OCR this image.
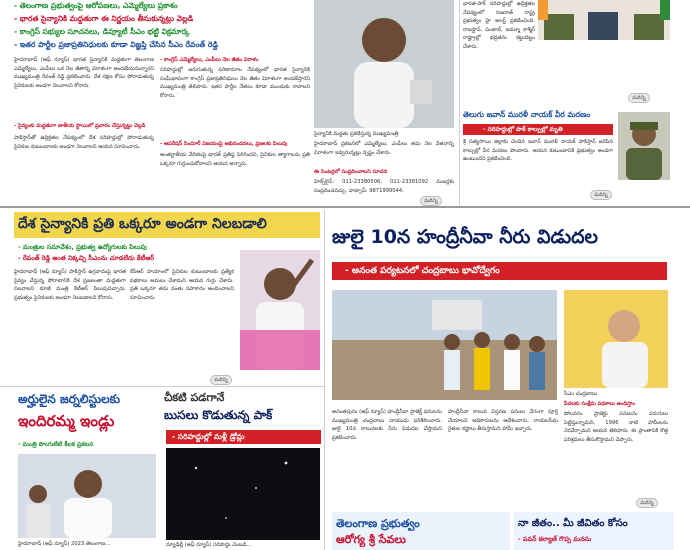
- తెలంగాణ ప్రభుత్వంపై ఆరోపణలు, ఎమ్మెల్యేలు ప్రకాశం
- భారత సైన్యానికి మద్దతుగా ఈ నిర్ణయం తీసుకున్నట్లు వెల్లడి
- కాంగ్రెస్ సభ్యుల సూచనలు, డిప్యూటీ సీఎం భట్టి విక్రమార్క
- ఇతర పార్టీల ప్రజాప్రతినిధులకు కూడా విజ్ఞప్తి చేసిన సీఎం రేవంత్ రెడ్డి
హైదరాబాద్ (ఆఫ్ న్యూస్) భారత సైన్యానికి మద్దతుగా తెలంగాణ ఎమ్మెల్యేలు, ఎంపీలు ఒక నెల జీతాన్ని విరాళంగా అందజేయనున్నారని ముఖ్యమంత్రి రేవంత్ రెడ్డి ప్రకటించారు. దేశ రక్షణ కోసం పోరాడుతున్న సైనికులకు అండగా నిలవాలని కోరారు.
- సైన్యంకు మద్దతుగా జాతీయ స్థాయిలో ప్రచారం చేస్తున్నట్టు వెల్లడి
పాకిస్తాన్‌తో ఉద్రిక్తతల నేపథ్యంలో దేశ సరిహద్దుల్లో పోరాడుతున్న సైనికుల కుటుంబాలకు అండగా నిలవాలని ఆయన సూచించారు.
- కాంగ్రెస్ ఎమ్మెల్యేలు, ఎంపీలు నెల జీతం విరాళం
సరిహద్దుల్లో జరుగుతున్న పరిణామాల నేపథ్యంలో భారత సైన్యానికి సంఘీభావంగా కాంగ్రెస్ ప్రజాప్రతినిధులు నెల జీతం విరాళంగా అందజేస్తారని ముఖ్యమంత్రి తెలిపారు. ఇతర పార్టీల నేతలు కూడా ముందుకు రావాలని కోరారు.
- ఆపరేషన్ సిందూర్ విజయంపై అభినందనలు, ప్రజలకు పిలుపు
అంతర్జాతీయ వేదికలపై భారత్ ప్రతిష్ఠ పెరిగిందని, సైనికుల త్యాగాలను ప్రతి ఒక్కరూ గుర్తుంచుకోవాలని ఆయన అన్నారు.
సైన్యానికి మద్దతు ప్రకటిస్తున్న ముఖ్యమంత్రి
హైదరాబాద్ ప్రకటనలో ఎమ్మెల్యేలు, ఎంపీలు తమ నెల వేతనాన్ని విరాళంగా ఇవ్వనున్నట్లు స్పష్టం చేశారు.
ఈ సెంటర్లలో సంప్రదించాలని సూచన
హెల్ప్‌లైన్: 011-23380506, 011-23381092 నంబర్లకు సంప్రదించవచ్చు. వాట్సాప్: 9871999044.
మరిన్ని
భారత-పాక్ సరిహద్దుల్లో ఉద్రిక్తతల నేపథ్యంలో గుజరాత్ రాష్ట్ర ప్రభుత్వం హై అలర్ట్ ప్రకటించింది. రాజస్థాన్, పంజాబ్, జమ్మూ కాశ్మీర్ రాష్ట్రాల్లో భద్రతను కట్టుదిట్టం చేశారు.
మరిన్ని
తెలుగు జవాన్ మురళీ నాయక్ వీర మరణం
- సరిహద్దుల్లో పాక్ కాల్పుల్లో మృతి
శ్రీ సత్యసాయి జిల్లాకు చెందిన జవాన్ మురళీ నాయక్ పాకిస్తాన్ జరిపిన కాల్పుల్లో వీర మరణం పొందారు. ఆయన కుటుంబానికి ప్రభుత్వం అండగా ఉంటుందని ప్రకటించింది.
మరిన్ని
దేశ సైన్యానికి ప్రతి ఒక్కరూ అండగా నిలబడాలి
- మంత్రుల సమావేశం, ప్రభుత్వ ఉద్యోగులకు పిలుపు
- రేవంత్ రెడ్డి అంత నిక్కచ్చి సీఎంను చూడలేదు కేటీఆర్
హైదరాబాద్ (ఆఫ్ న్యూస్) పాకిస్తాన్ ఉగ్రవాదంపై భారత సైన్యం చేస్తున్న పోరాటానికి దేశ ప్రజలంతా మద్దతుగా నిలవాలని మాజీ మంత్రి కేటీఆర్ పిలుపునిచ్చారు. ప్రభుత్వం సైనికులకు అండగా నిలబడాలని కోరారు.
కేసీఆర్ హయాంలో సైనికుల కుటుంబాలకు ప్రత్యేక పథకాలు అమలు చేశామని ఆయన గుర్తు చేశారు. ప్రతి ఒక్కరూ తమ వంతు సహకారం అందించాలని సూచించారు.
మరిన్ని
జులై 10న హంద్రీనీవా నీరు విడుదల
- అనంత పర్యటనలో చంద్రబాబు భావోద్వేగం
సీఎం చంద్రబాబు
పేదలకు సంక్షేమ పథకాలు అందిస్తాం
పోలవరం ప్రాజెక్టు పనులను పరుగులు పెట్టిస్తున్నామని, 1996 నాటి హామీలను నెరవేర్చామని ఆయన తెలిపారు. ఈ ప్రాంతానికి కొత్త పరిశ్రమలు తీసుకొస్తామని చెప్పారు.
అనంతపురం (ఆఫ్ న్యూస్) హంద్రీనీవా ప్రాజెక్ట్ పనులను ముఖ్యమంత్రి చంద్రబాబు నాయుడు పరిశీలించారు. జులై 10న కాలువలకు నీరు విడుదల చేస్తామని ప్రకటించారు.
హంద్రీనీవా కాలువ విస్తరణ పనులు వేగంగా పూర్తి చేయాలని అధికారులను ఆదేశించారు. రాయలసీమ రైతుల కష్టాలు తీరుస్తామని హామీ ఇచ్చారు.
మరిన్ని
అర్హులైన జర్నలిస్టులకు
ఇందిరమ్మ ఇండ్లు
- మంత్రి పొంగులేటి కీలక ప్రకటన
హైదరాబాద్ (ఆఫ్ న్యూస్) 2023 తెలంగాణ...
చీకటి పడగానే
బుసలు కొడుతున్న పాక్
- సరిహద్దుల్లో మళ్లీ డ్రోన్లు
న్యూఢిల్లీ (ఆఫ్ న్యూస్) సరిహద్దు వెంబడి...
తెలంగాణ ప్రభుత్వం
ఆరోగ్య శ్రీ సేవలు
నా జీతం.. మీ జీవితం కోసం
- పవన్ కల్యాణ్ గొప్ప మనసు
